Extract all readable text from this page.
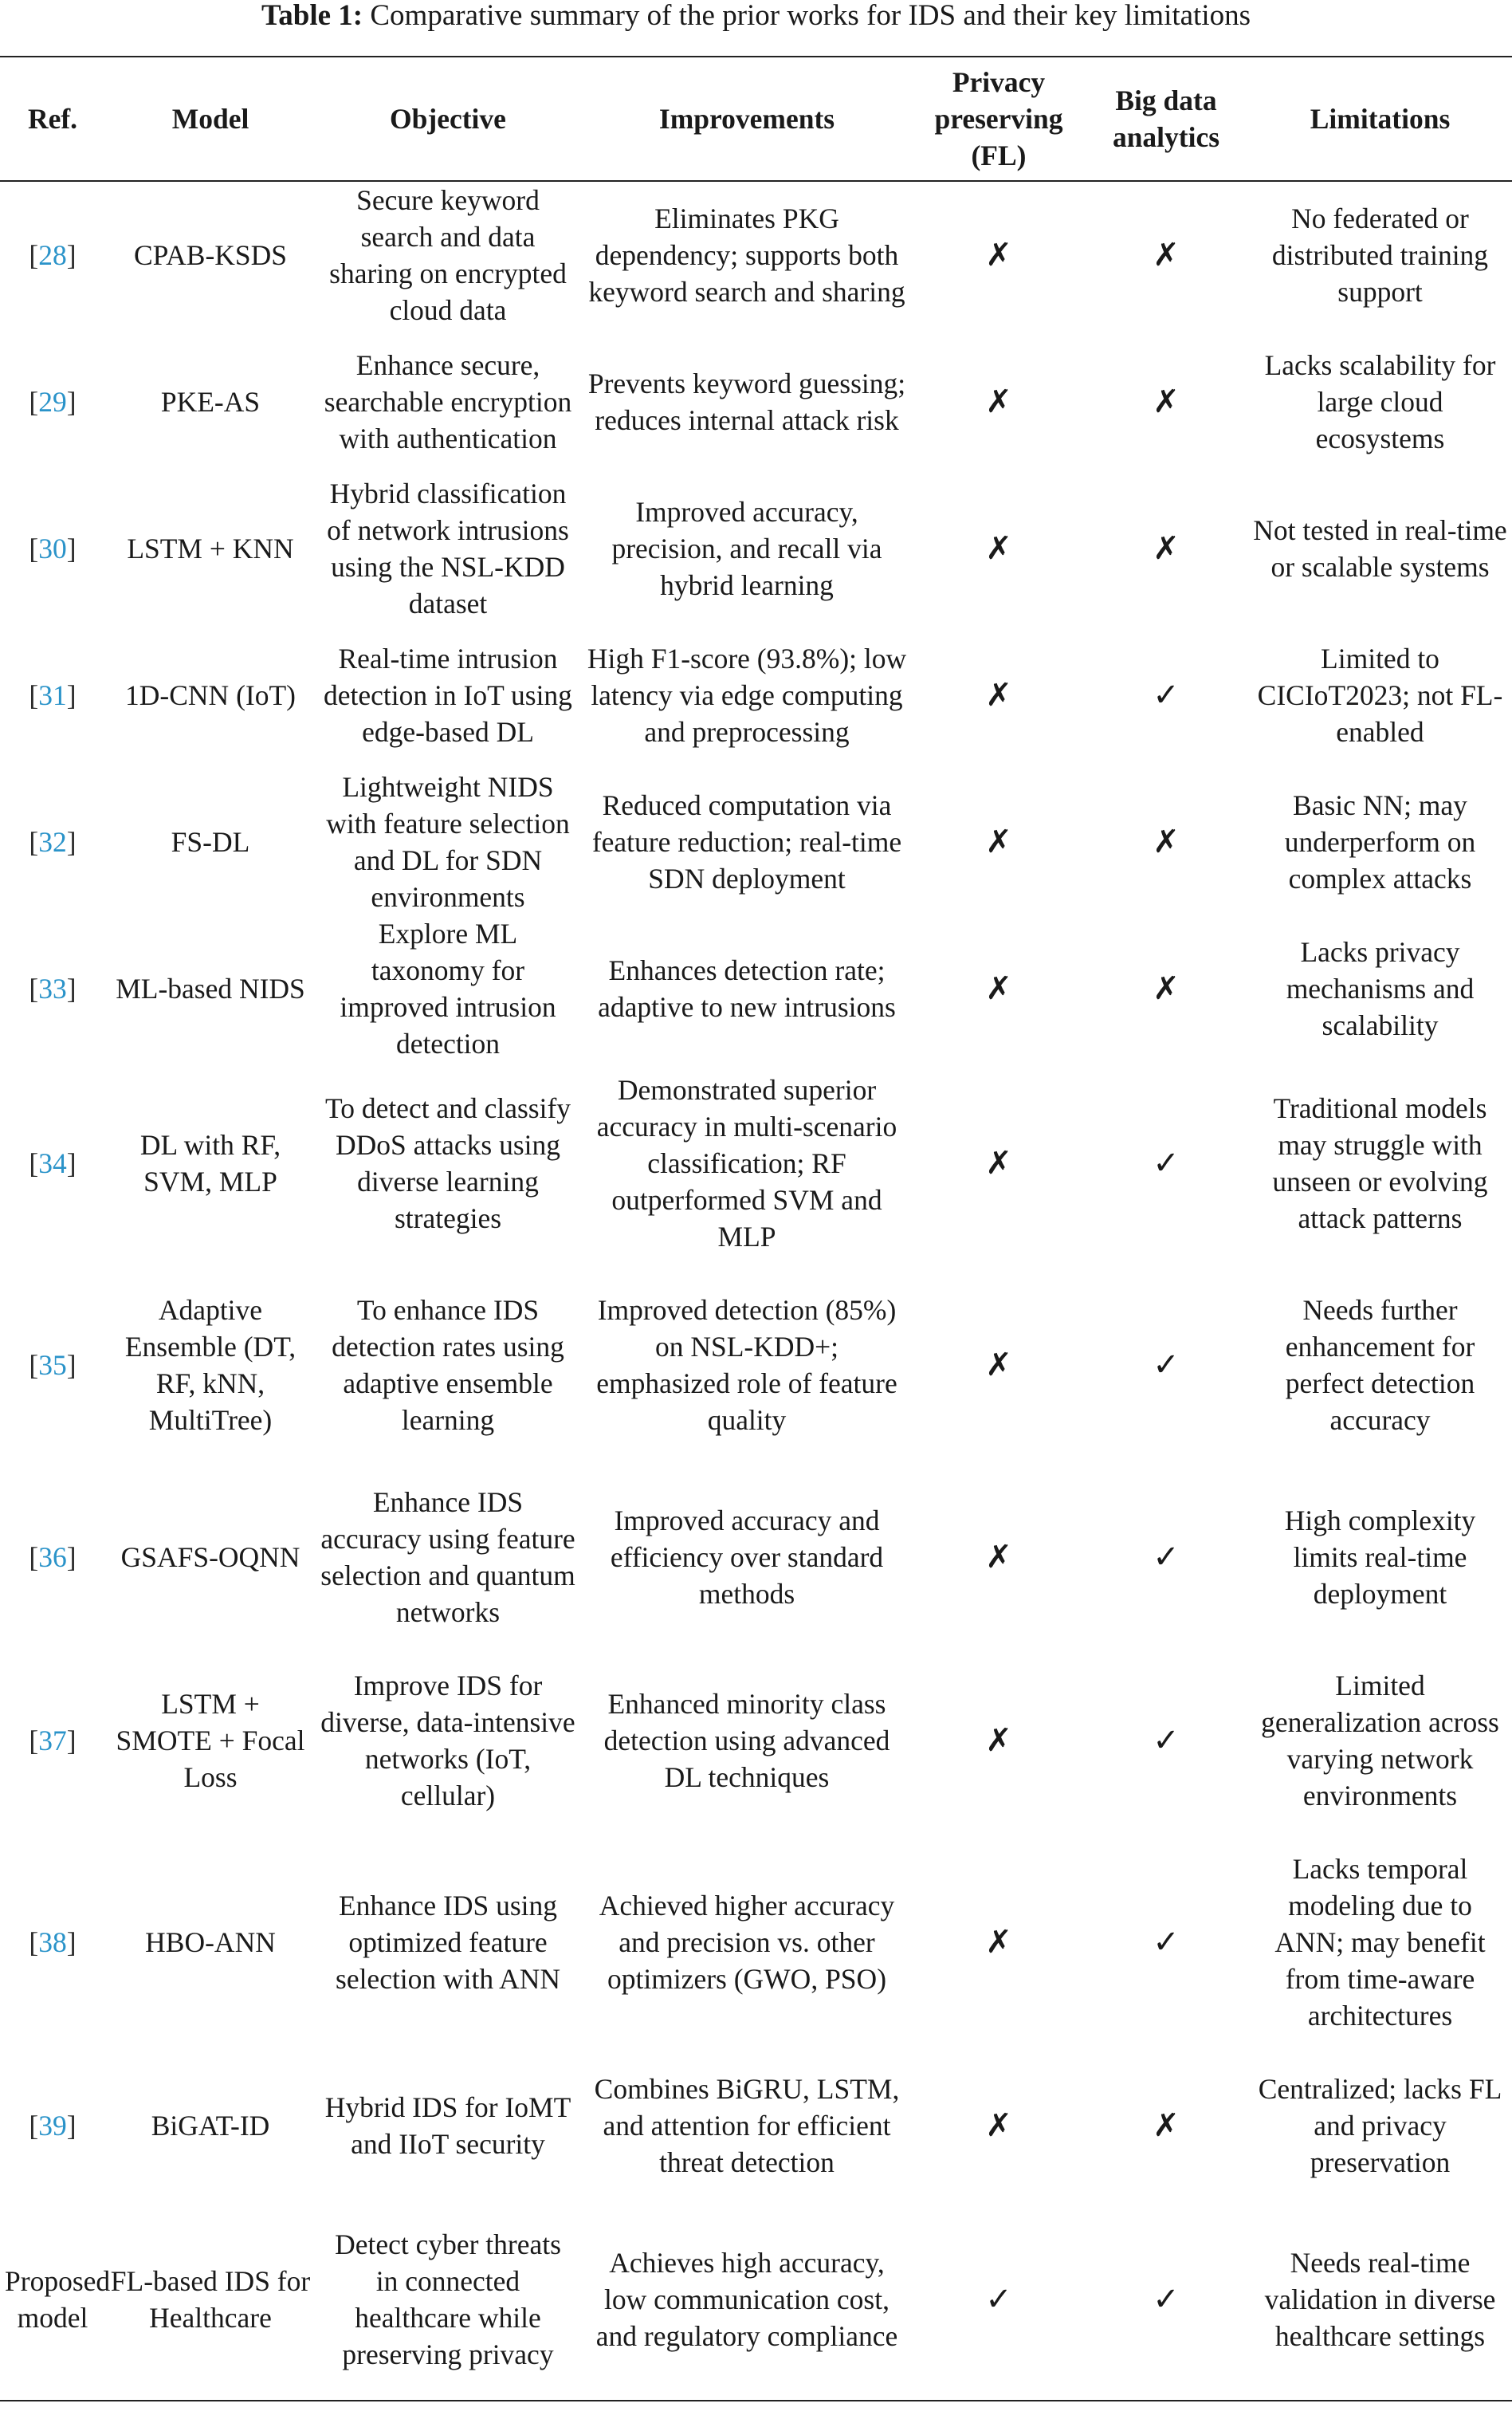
Table 1: Comparative summary of the prior works for IDS and their key limitations
Ref.	Model	Objective	Improvements	Privacy preserving (FL)	Big data analytics	Limitations
[28]	CPAB-KSDS	Secure keyword search and data sharing on encrypted cloud data	Eliminates PKG dependency; supports both keyword search and sharing	✗	✗	No federated or distributed training support
[29]	PKE-AS	Enhance secure, searchable encryption with authentication	Prevents keyword guessing; reduces internal attack risk	✗	✗	Lacks scalability for large cloud ecosystems
[30]	LSTM + KNN	Hybrid classification of network intrusions using the NSL-KDD dataset	Improved accuracy, precision, and recall via hybrid learning	✗	✗	Not tested in real-time or scalable systems
[31]	1D-CNN (IoT)	Real-time intrusion detection in IoT using edge-based DL	High F1-score (93.8%); low latency via edge computing and preprocessing	✗	✓	Limited to CICIoT2023; not FL-enabled
[32]	FS-DL	Lightweight NIDS with feature selection and DL for SDN environments	Reduced computation via feature reduction; real-time SDN deployment	✗	✗	Basic NN; may underperform on complex attacks
[33]	ML-based NIDS	Explore ML taxonomy for improved intrusion detection	Enhances detection rate; adaptive to new intrusions	✗	✗	Lacks privacy mechanisms and scalability
[34]	DL with RF, SVM, MLP	To detect and classify DDoS attacks using diverse learning strategies	Demonstrated superior accuracy in multi-scenario classification; RF outperformed SVM and MLP	✗	✓	Traditional models may struggle with unseen or evolving attack patterns
[35]	Adaptive Ensemble (DT, RF, kNN, MultiTree)	To enhance IDS detection rates using adaptive ensemble learning	Improved detection (85%) on NSL-KDD+; emphasized role of feature quality	✗	✓	Needs further enhancement for perfect detection accuracy
[36]	GSAFS-OQNN	Enhance IDS accuracy using feature selection and quantum networks	Improved accuracy and efficiency over standard methods	✗	✓	High complexity limits real-time deployment
[37]	LSTM + SMOTE + Focal Loss	Improve IDS for diverse, data-intensive networks (IoT, cellular)	Enhanced minority class detection using advanced DL techniques	✗	✓	Limited generalization across varying network environments
[38]	HBO-ANN	Enhance IDS using optimized feature selection with ANN	Achieved higher accuracy and precision vs. other optimizers (GWO, PSO)	✗	✓	Lacks temporal modeling due to ANN; may benefit from time-aware architectures
[39]	BiGAT-ID	Hybrid IDS for IoMT and IIoT security	Combines BiGRU, LSTM, and attention for efficient threat detection	✗	✗	Centralized; lacks FL and privacy preservation
Proposed model	FL-based IDS for Healthcare	Detect cyber threats in connected healthcare while preserving privacy	Achieves high accuracy, low communication cost, and regulatory compliance	✓	✓	Needs real-time validation in diverse healthcare settings
